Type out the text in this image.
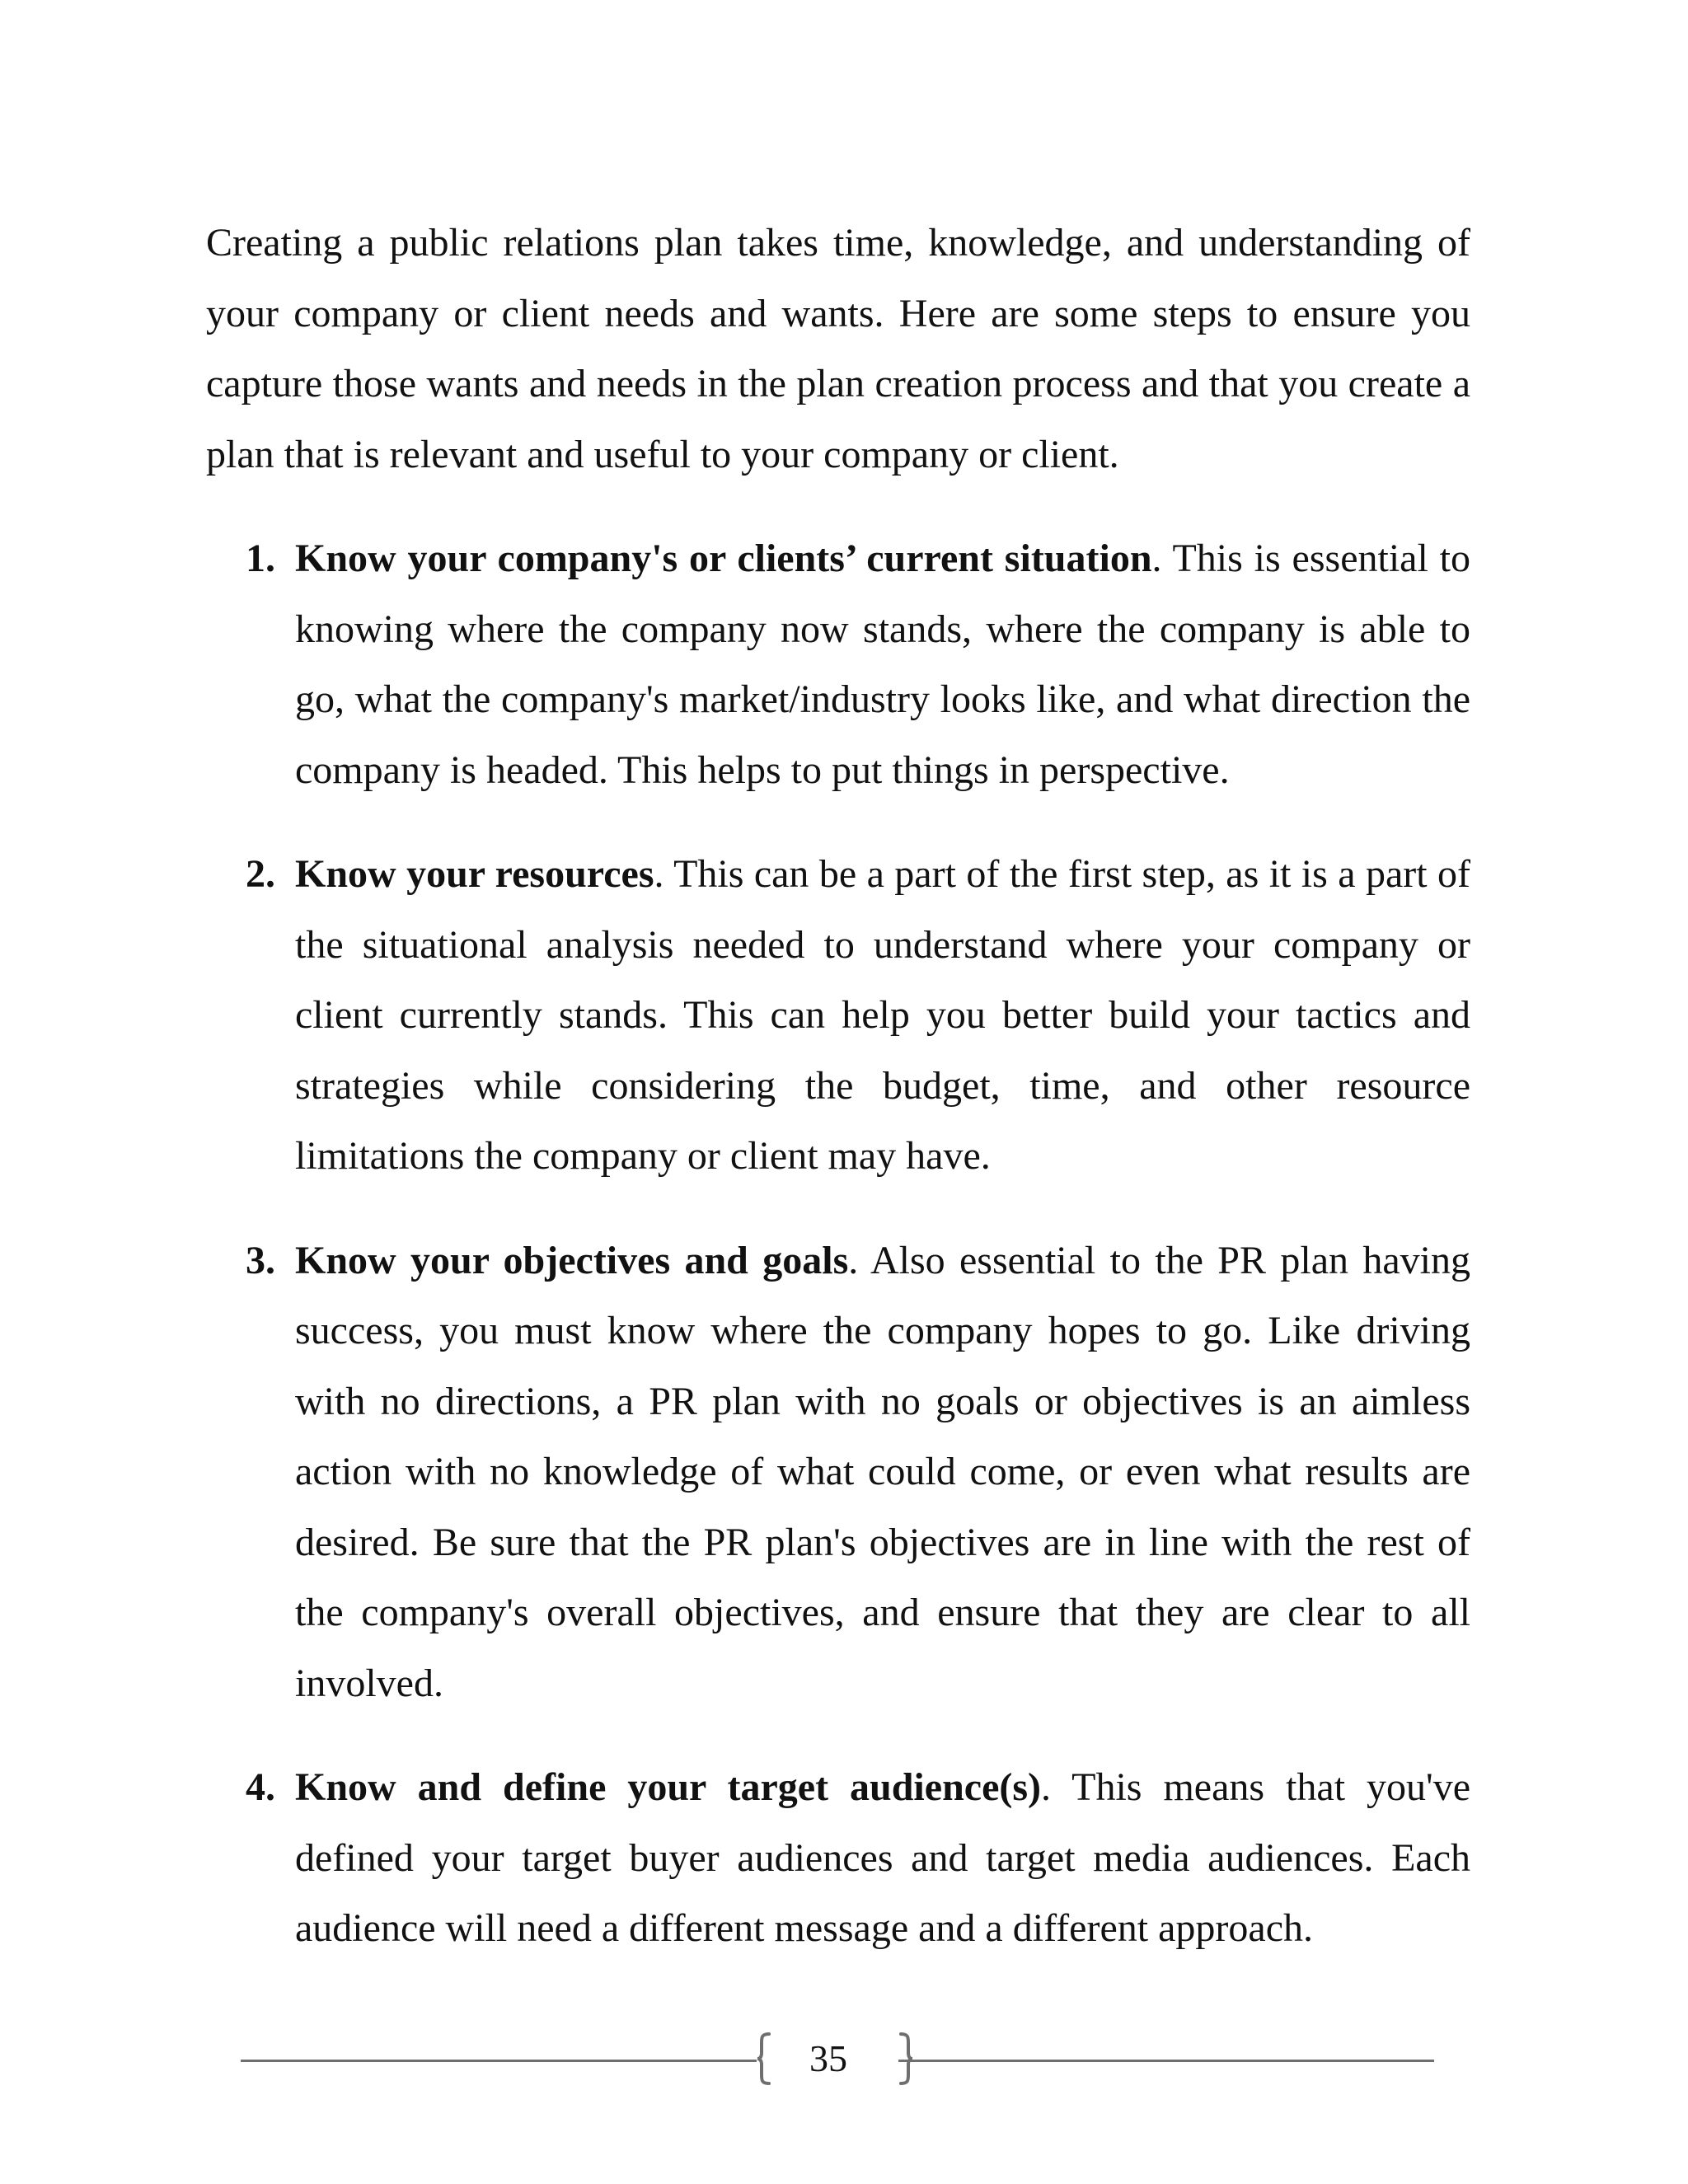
Creating a public relations plan takes time, knowledge, and understanding of your company or client needs and wants. Here are some steps to ensure you capture those wants and needs in the plan creation process and that you create a plan that is relevant and useful to your company or client.

1. Know your company's or clients’ current situation. This is essential to knowing where the company now stands, where the company is able to go, what the company's market/industry looks like, and what direction the company is headed. This helps to put things in perspective.
2. Know your resources. This can be a part of the first step, as it is a part of the situational analysis needed to understand where your company or client currently stands. This can help you better build your tactics and strategies while considering the budget, time, and other resource limitations the company or client may have.
3. Know your objectives and goals. Also essential to the PR plan having success, you must know where the company hopes to go. Like driving with no directions, a PR plan with no goals or objectives is an aimless action with no knowledge of what could come, or even what results are desired. Be sure that the PR plan's objectives are in line with the rest of the company's overall objectives, and ensure that they are clear to all involved.
4. Know and define your target audience(s). This means that you've defined your target buyer audiences and target media audiences. Each audience will need a different message and a different approach.
35
